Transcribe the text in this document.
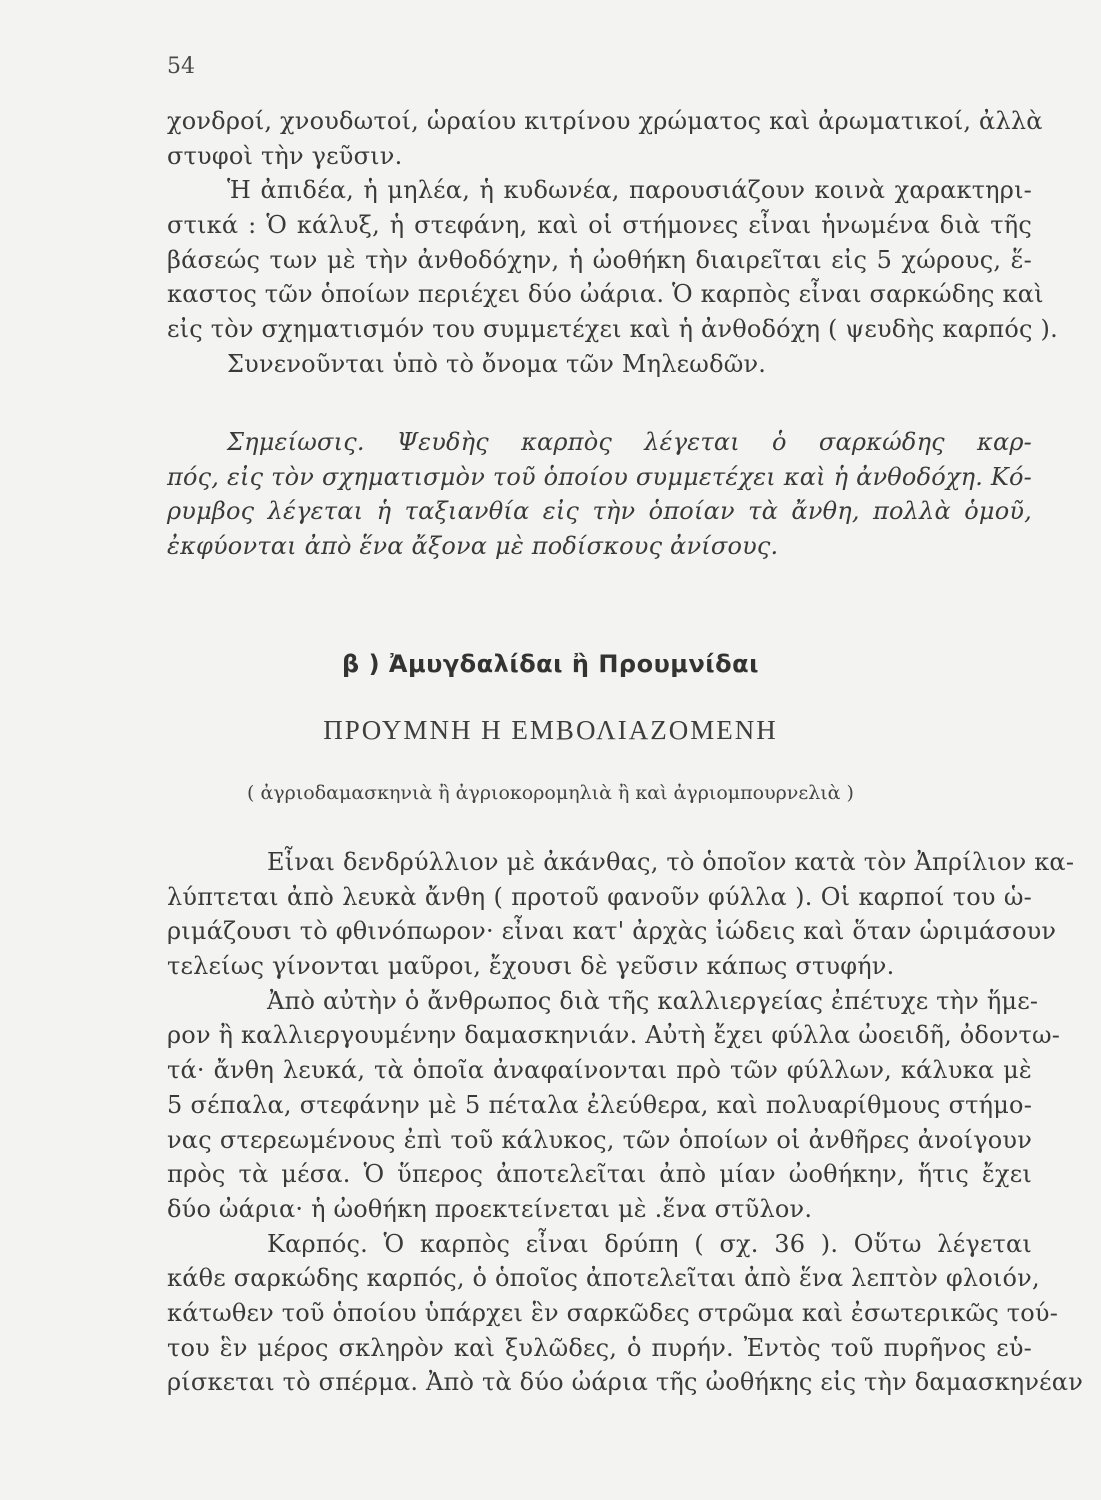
54
χονδροί, χνουδωτοί, ὡραίου κιτρίνου χρώματος καὶ ἀρωματικοί, ἀλλὰ
στυφοὶ τὴν γεῦσιν.
Ἡ ἀπιδέα, ἡ μηλέα, ἡ κυδωνέα, παρουσιάζουν κοινὰ χαρακτηρι-
στικά : Ὁ κάλυξ, ἡ στεφάνη, καὶ οἱ στήμονες εἶναι ἡνωμένα διὰ τῆς
βάσεώς των μὲ τὴν ἀνθοδόχην, ἡ ὠοθήκη διαιρεῖται εἰς 5 χώρους, ἕ-
καστος τῶν ὁποίων περιέχει δύο ὠάρια. Ὁ καρπὸς εἶναι σαρκώδης καὶ
εἰς τὸν σχηματισμόν του συμμετέχει καὶ ἡ ἀνθοδόχη ( ψευδὴς καρπός ).
Συνενοῦνται ὑπὸ τὸ ὄνομα τῶν Μηλεωδῶν.
Σημείωσις. Ψευδὴς καρπὸς λέγεται ὁ σαρκώδης καρ-
πός, εἰς τὸν σχηματισμὸν τοῦ ὁποίου συμμετέχει καὶ ἡ ἀνθοδόχη. Κό-
ρυμβος λέγεται ἡ ταξιανθία εἰς τὴν ὁποίαν τὰ ἄνθη, πολλὰ ὁμοῦ,
ἐκφύονται ἀπὸ ἕνα ἄξονα μὲ ποδίσκους ἀνίσους.
β ) Ἀμυγδαλίδαι ἢ Προυμνίδαι
ΠΡΟΥΜΝΗ Η ΕΜΒΟΛΙΑΖΟΜΕΝΗ
( ἀγριοδαμασκηνιὰ ἢ ἀγριοκορομηλιὰ ἢ καὶ ἀγριομπουρνελιὰ )
Εἶναι δενδρύλλιον μὲ ἀκάνθας, τὸ ὁποῖον κατὰ τὸν Ἀπρίλιον κα-
λύπτεται ἀπὸ λευκὰ ἄνθη ( προτοῦ φανοῦν φύλλα ). Οἱ καρποί του ὡ-
ριμάζουσι τὸ φθινόπωρον· εἶναι κατ' ἀρχὰς ἰώδεις καὶ ὅταν ὡριμάσουν
τελείως γίνονται μαῦροι, ἔχουσι δὲ γεῦσιν κάπως στυφήν.
Ἀπὸ αὐτὴν ὁ ἄνθρωπος διὰ τῆς καλλιεργείας ἐπέτυχε τὴν ἥμε-
ρον ἢ καλλιεργουμένην δαμασκηνιάν. Αὐτὴ ἔχει φύλλα ὠοειδῆ, ὀδοντω-
τά· ἄνθη λευκά, τὰ ὁποῖα ἀναφαίνονται πρὸ τῶν φύλλων, κάλυκα μὲ
5 σέπαλα, στεφάνην μὲ 5 πέταλα ἐλεύθερα, καὶ πολυαρίθμους στήμο-
νας στερεωμένους ἐπὶ τοῦ κάλυκος, τῶν ὁποίων οἱ ἀνθῆρες ἀνοίγουν
πρὸς τὰ μέσα. Ὁ ὕπερος ἀποτελεῖται ἀπὸ μίαν ὠοθήκην, ἥτις ἔχει
δύο ὠάρια· ἡ ὠοθήκη προεκτείνεται μὲ .ἕνα στῦλον.
Καρπός. Ὁ καρπὸς εἶναι δρύπη ( σχ. 36 ). Οὕτω λέγεται
κάθε σαρκώδης καρπός, ὁ ὁποῖος ἀποτελεῖται ἀπὸ ἕνα λεπτὸν φλοιόν,
κάτωθεν τοῦ ὁποίου ὑπάρχει ἓν σαρκῶδες στρῶμα καὶ ἐσωτερικῶς τού-
του ἓν μέρος σκληρὸν καὶ ξυλῶδες, ὁ πυρήν. Ἐντὸς τοῦ πυρῆνος εὑ-
ρίσκεται τὸ σπέρμα. Ἀπὸ τὰ δύο ὠάρια τῆς ὠοθήκης εἰς τὴν δαμασκηνέαν
